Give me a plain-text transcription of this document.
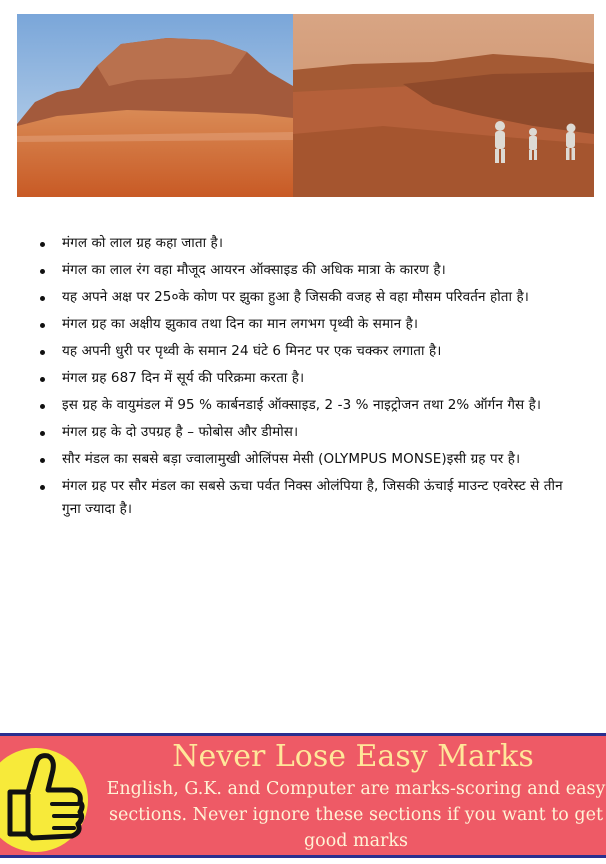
मंगल को लाल ग्रह कहा जाता है।
मंगल का लाल रंग वहा मौजूद आयरन ऑक्साइड की अधिक मात्रा के कारण है।
यह अपने अक्ष पर 25०के कोण पर झुका हुआ है जिसकी वजह से वहा मौसम परिवर्तन होता है।
मंगल ग्रह का अक्षीय झुकाव तथा दिन का मान लगभग पृथ्वी के समान है।
यह अपनी धुरी पर पृथ्वी के समान 24 घंटे 6 मिनट पर एक चक्कर लगाता है।
मंगल ग्रह 687 दिन में सूर्य की परिक्रमा करता है।
इस ग्रह के वायुमंडल में 95 % कार्बनडाई ऑक्साइड, 2 -3 % नाइट्रोजन तथा 2% ऑर्गन गैस है।
मंगल ग्रह के दो उपग्रह है – फोबोस और डीमोस।
सौर मंडल का सबसे बड़ा ज्वालामुखी ओलिंपस मेसी (OLYMPUS MONSE)इसी ग्रह पर है।
मंगल ग्रह पर सौर मंडल का सबसे ऊचा पर्वत निक्स ओलंपिया है, जिसकी ऊंचाई माउन्ट एवरेस्ट से तीन गुना ज्यादा है।
Never Lose Easy Marks
English, G.K. and Computer are marks-scoring and easy sections. Never ignore these sections if you want to get good marks
